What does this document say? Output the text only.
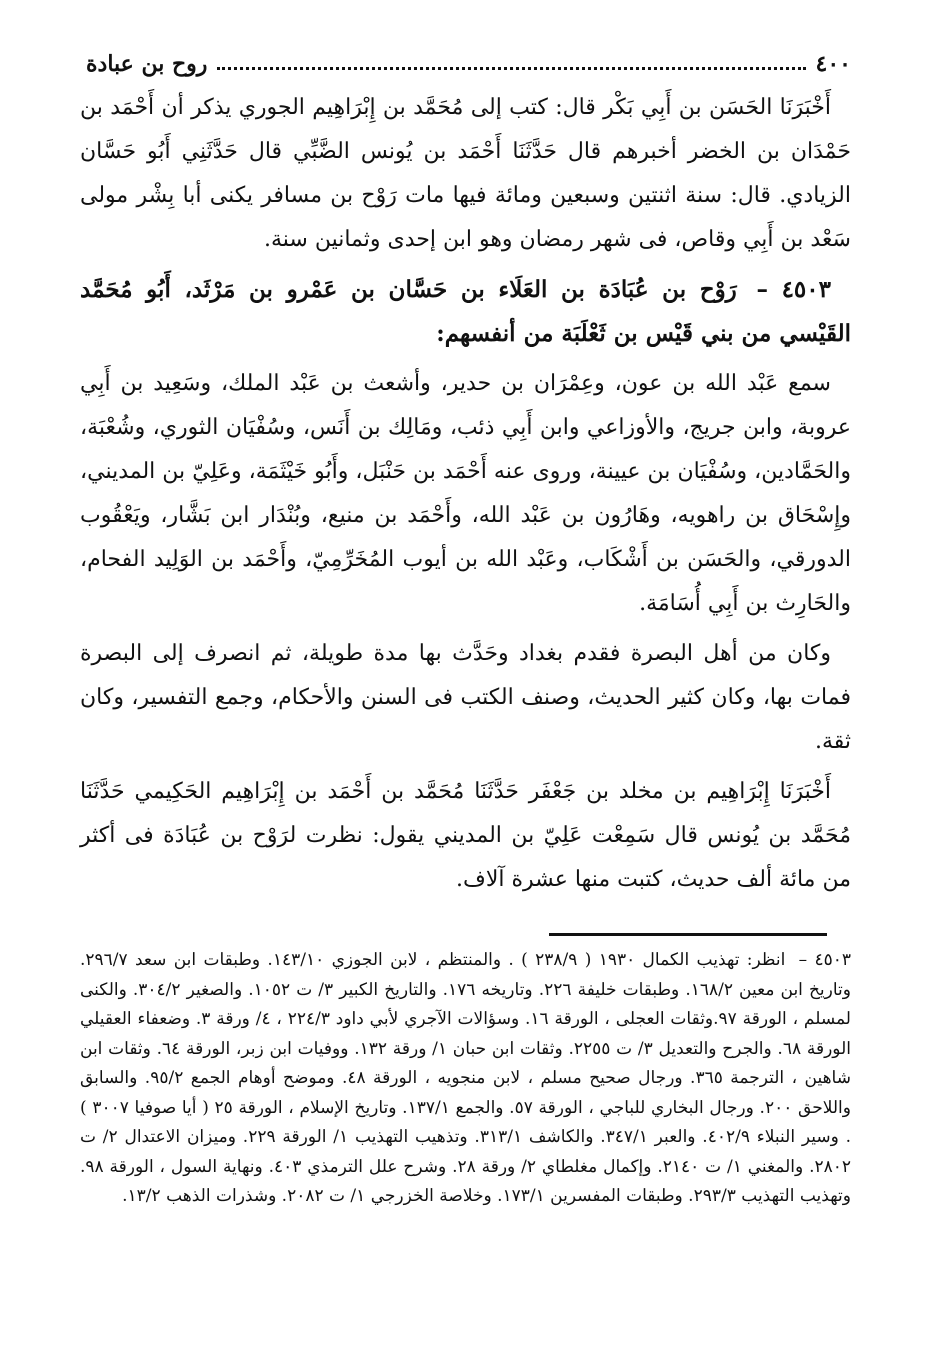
٤٠٠
روح بن عبادة

أَخْبَرَنَا الحَسَن بن أَبِي بَكْر قال: كتب إلى مُحَمَّد بن إِبْرَاهِيم الجوري يذكر أن أَحْمَد بن حَمْدَان بن الخضر أخبرهم قال حَدَّثَنَا أَحْمَد بن يُونس الضَّبِّي قال حَدَّثَنِي أَبُو حَسَّان الزيادي. قال: سنة اثنتين وسبعين ومائة فيها مات رَوْح بن مسافر يكنى أبا بِشْر مولى سَعْد بن أَبِي وقاص، فى شهر رمضان وهو ابن إحدى وثمانين سنة.

٤٥٠٣ – رَوْح بن عُبَادَة بن العَلَاء بن حَسَّان بن عَمْرو بن مَرْثَد، أَبُو مُحَمَّد القَيْسي من بني قَيْس بن ثَعْلَبَة من أنفسهم:

سمع عَبْد الله بن عون، وعِمْرَان بن حدير، وأشعث بن عَبْد الملك، وسَعِيد بن أَبِي عروبة، وابن جريج، والأوزاعي وابن أَبِي ذئب، ومَالِك بن أَنَس، وسُفْيَان الثوري، وشُعْبَة، والحَمَّادين، وسُفْيَان بن عيينة، وروى عنه أَحْمَد بن حَنْبَل، وأَبُو خَيْثَمَة، وعَلِيّ بن المديني، وإِسْحَاق بن راهويه، وهَارُون بن عَبْد الله، وأَحْمَد بن منيع، وبُنْدَار ابن بَشَّار، ويَعْقُوب الدورقي، والحَسَن بن أَشْكَاب، وعَبْد الله بن أيوب المُخَرِّمِيّ، وأَحْمَد بن الوَلِيد الفحام، والحَارِث بن أَبِي أُسَامَة.

وكان من أهل البصرة فقدم بغداد وحَدَّث بها مدة طويلة، ثم انصرف إلى البصرة فمات بها، وكان كثير الحديث، وصنف الكتب فى السنن والأحكام، وجمع التفسير، وكان ثقة.

أَخْبَرَنَا إِبْرَاهِيم بن مخلد بن جَعْفَر حَدَّثَنَا مُحَمَّد بن أَحْمَد بن إِبْرَاهِيم الحَكِيمي حَدَّثَنَا مُحَمَّد بن يُونس قال سَمِعْت عَلِيّ بن المديني يقول: نظرت لرَوْح بن عُبَادَة فى أكثر من مائة ألف حديث، كتبت منها عشرة آلاف.

٤٥٠٣ – انظر: تهذيب الكمال ١٩٣٠ ( ٢٣٨/٩ ) . والمنتظم ، لابن الجوزي ١٤٣/١٠. وطبقات ابن سعد ٢٩٦/٧. وتاريخ ابن معين ١٦٨/٢. وطبقات خليفة ٢٢٦. وتاريخه ١٧٦. والتاريخ الكبير ٣/ ت ١٠٥٢. والصغير ٣٠٤/٢. والكنى لمسلم ، الورقة ٩٧.وثقات العجلى ، الورقة ١٦. وسؤالات الآجري لأبي داود ٢٢٤/٣ ، ٤/ ورقة ٣. وضعفاء العقيلي الورقة ٦٨. والجرح والتعديل ٣/ ت ٢٢٥٥. وثقات ابن حبان ١/ ورقة ١٣٢. ووفيات ابن زبر، الورقة ٦٤. وثقات ابن شاهين ، الترجمة ٣٦٥. ورجال صحيح مسلم ، لابن منجويه ، الورقة ٤٨. وموضح أوهام الجمع ٩٥/٢. والسابق واللاحق ٢٠٠. ورجال البخاري للباجي ، الورقة ٥٧. والجمع ١٣٧/١. وتاريخ الإسلام ، الورقة ٢٥ ( أيا صوفيا ٣٠٠٧ ) . وسير النبلاء ٤٠٢/٩. والعبر ٣٤٧/١. والكاشف ٣١٣/١. وتذهيب التهذيب ١/ الورقة ٢٢٩. وميزان الاعتدال ٢/ ت ٢٨٠٢. والمغني ١/ ت ٢١٤٠. وإكمال مغلطاي ٢/ ورقة ٢٨. وشرح علل الترمذي ٤٠٣. ونهاية السول ، الورقة ٩٨. وتهذيب التهذيب ٢٩٣/٣. وطبقات المفسرين ١٧٣/١. وخلاصة الخزرجي ١/ ت ٢٠٨٢. وشذرات الذهب ١٣/٢.
